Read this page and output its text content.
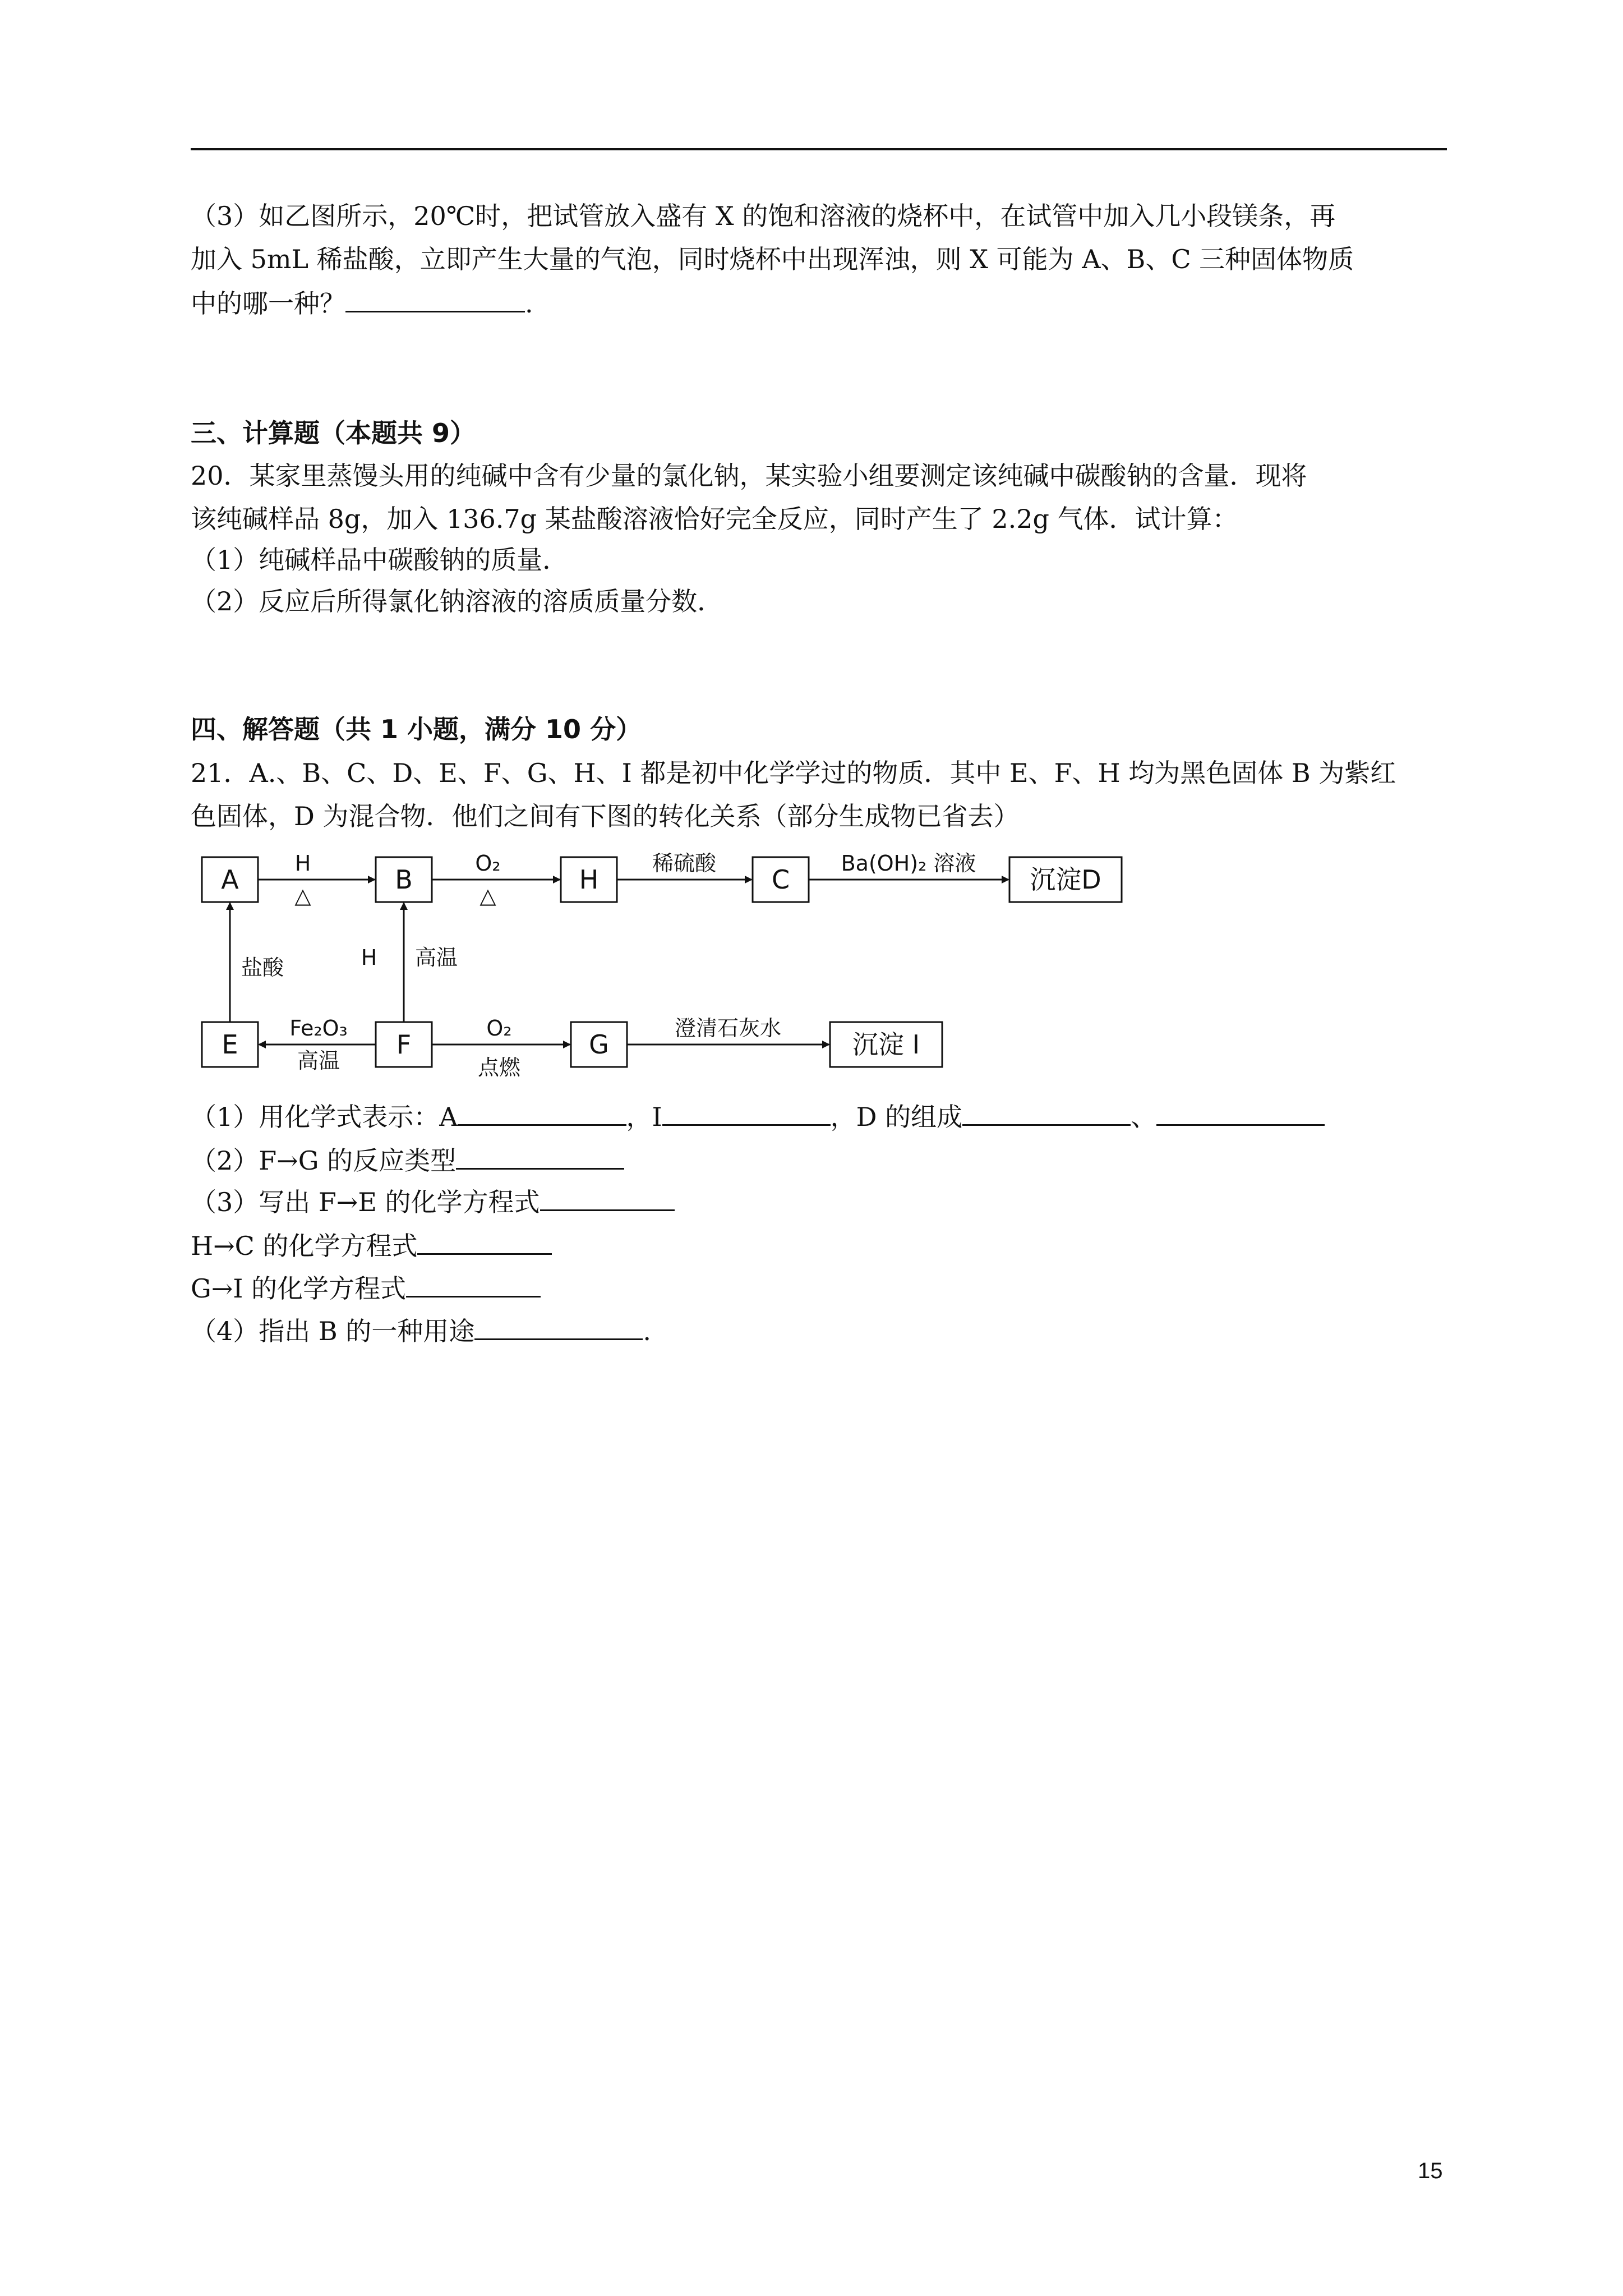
（3）如乙图所示，20℃时，把试管放入盛有 X 的饱和溶液的烧杯中，在试管中加入几小段镁条，再
加入 5mL 稀盐酸，立即产生大量的气泡，同时烧杯中出现浑浊，则 X 可能为 A、B、C 三种固体物质
中的哪一种？	.
三、计算题（本题共 9）
20．某家里蒸馒头用的纯碱中含有少量的氯化钠，某实验小组要测定该纯碱中碳酸钠的含量．现将
该纯碱样品 8g，加入 136.7g 某盐酸溶液恰好完全反应，同时产生了 2.2g 气体．试计算：
（1）纯碱样品中碳酸钠的质量．
（2）反应后所得氯化钠溶液的溶质质量分数．
四、解答题（共 1 小题，满分 10 分）
21．A.、B、C、D、E、F、G、H、I 都是初中化学学过的物质．其中 E、F、H 均为黑色固体 B 为紫红
色固体，D 为混合物．他们之间有下图的转化关系（部分生成物已省去）
A	B	H	C	沉淀D
E	F	G	沉淀 I
H
△
O₂
△
稀硫酸	Ba(OH)₂ 溶液
盐酸	H 高温
Fe₂O₃
高温
O₂
点燃
澄清石灰水
（1）用化学式表示：A	，I	，D 的组成	、
（2）F→G 的反应类型
（3）写出 F→E 的化学方程式
H→C 的化学方程式
G→I 的化学方程式
（4）指出 B 的一种用途	.
15
